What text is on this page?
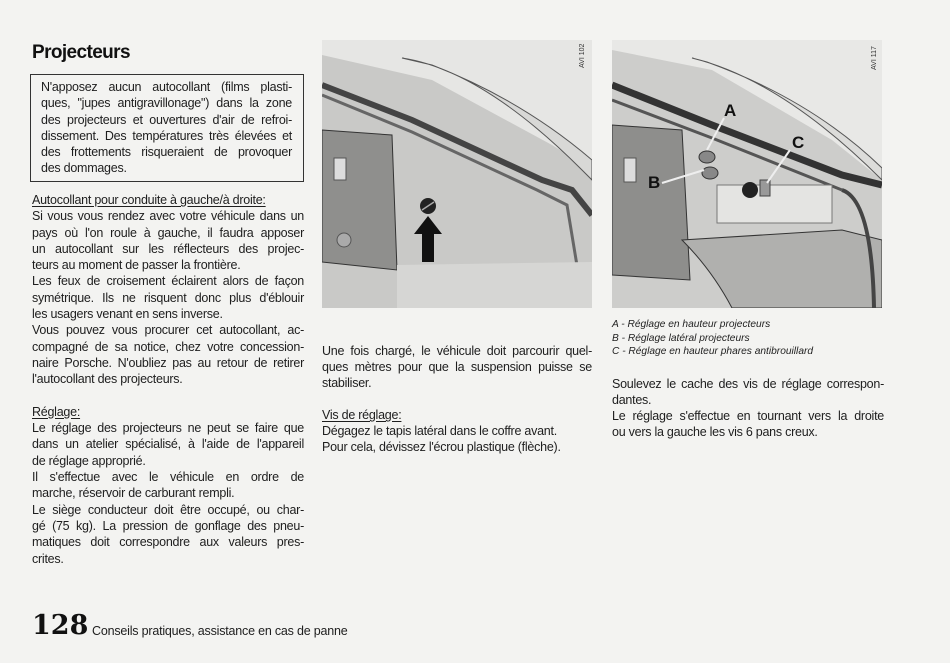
Projecteurs
N'apposez aucun autocollant (films plasti-
ques, "jupes antigravillonage") dans la zone
des projecteurs et ouvertures d'air de refroi-
dissement. Des températures très élevées et
des frottements risqueraient de provoquer
des dommages.
Autocollant pour conduite à gauche/à droite:
Si vous vous rendez avec votre véhicule dans un
pays où l'on roule à gauche, il faudra apposer
un autocollant sur les réflecteurs des projec-
teurs au moment de passer la frontière.
Les feux de croisement éclairent alors de façon
symétrique. Ils ne risquent donc plus d'éblouir
les usagers venant en sens inverse.
Vous pouvez vous procurer cet autocollant, ac-
compagné de sa notice, chez votre concession-
naire Porsche. N'oubliez pas au retour de retirer
l'autocollant des projecteurs.
Réglage:
Le réglage des projecteurs ne peut se faire que
dans un atelier spécialisé, à l'aide de l'appareil
de réglage approprié.
Il s'effectue avec le véhicule en ordre de
marche, réservoir de carburant rempli.
Le siège conducteur doit être occupé, ou char-
gé (75 kg). La pression de gonflage des pneu-
matiques doit correspondre aux valeurs pres-
crites.
AVI 102
A
B
C
AVI 117
Une fois chargé, le véhicule doit parcourir quel-
ques mètres pour que la suspension puisse se
stabiliser.
Vis de réglage:
Dégagez le tapis latéral dans le coffre avant.
Pour cela, dévissez l'écrou plastique (flèche).
A - Réglage en hauteur projecteurs
B - Réglage latéral projecteurs
C - Réglage en hauteur phares antibrouillard
Soulevez le cache des vis de réglage correspon-
dantes.
Le réglage s'effectue en tournant vers la droite
ou vers la gauche les vis 6 pans creux.
128 Conseils pratiques, assistance en cas de panne
